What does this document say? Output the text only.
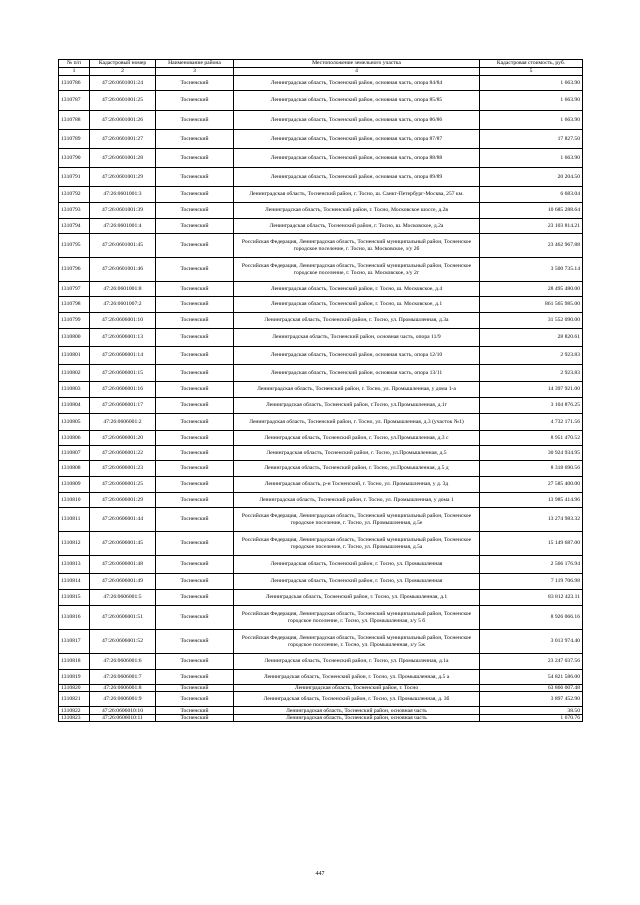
№ п/п	Кадастровый номер	Наименование района	Местоположение земельного участка	Кадастровая стоимость, руб.
1	2	3	4	5
1310786	47:26:0601001:24	Тосненский	Ленинградская область, Тосненский район, основная часть, опора 84/84	1 663.90
1310787	47:26:0601001:25	Тосненский	Ленинградская область, Тосненский район, основная часть, опора 85/85	1 663.90
1310788	47:26:0601001:26	Тосненский	Ленинградская область, Тосненский район, основная часть, опора 86/86	1 663.90
1310789	47:26:0601001:27	Тосненский	Ленинградская область, Тосненский район, основная часть, опора 87/87	17 827.50
1310790	47:26:0601001:28	Тосненский	Ленинградская область, Тосненский район, основная часть, опора 88/88	1 663.90
1310791	47:26:0601001:29	Тосненский	Ленинградская область, Тосненский район, основная часть, опора 89/89	20 204.50
1310792	47:26:0601001:3	Тосненский	Ленинградская область, Тосненский район, г. Тосно, ш. Санкт-Петербург-Москва, 257 км.	6 683.04
1310793	47:26:0601001:39	Тосненский	Ленинградская область, Тосненский район, г. Тосно, Московское шоссе, д.2в	10 685 288.64
1310794	47:26:0601001:4	Тосненский	Ленинградская область, Тосненский район, г. Тосно, ш. Московское, д.2а	23 103 814.21
1310795	47:26:0601001:45	Тосненский	Российская Федерация, Ленинградская область, Тосненский муниципальный район, Тосненское городское поселение, г. Тосно, ш. Московское, з/у 2б	23 462 967.88
1310796	47:26:0601001:46	Тосненский	Российская Федерация, Ленинградская область, Тосненский муниципальный район, Тосненское городское поселение, г. Тосно, ш. Московское, з/у 2г	3 500 735.14
1310797	47:26:0601001:8	Тосненский	Ленинградская область, Тосненский район, г. Тосно, ш. Московское, д.4	28 495 480.00
1310798	47:26:0601007:2	Тосненский	Ленинградская область, Тосненский район, г. Тосно, ш. Московское, д.1	861 565 985.00
1310799	47:26:0606001:10	Тосненский	Ленинградская область, Тосненский район, г. Тосно, ул. Промышленная, д.3а	31 552 090.00
1310800	47:26:0606001:13	Тосненский	Ленинградская область, Тосненский район, основная часть, опора 11/9	28 820.61
1310801	47:26:0606001:14	Тосненский	Ленинградская область, Тосненский район, основная часть, опора 12/10	2 923.83
1310802	47:26:0606001:15	Тосненский	Ленинградская область, Тосненский район, основная часть, опора 13/11	2 923.83
1310803	47:26:0606001:16	Тосненский	Ленинградская область, Тосненский район, г. Тосно, ул. Промышленная, у дома 1-а	14 397 921.00
1310804	47:26:0606001:17	Тосненский	Ленинградская область, Тосненский район, г.Тосно, ул.Промышленная, д.1г	3 104 876.25
1310805	47:26:0606001:2	Тосненский	Ленинградская область, Тосненский район, г. Тосно, ул. Промышленная, д.3 (участок №1)	4 732 171.56
1310806	47:26:0606001:20	Тосненский	Ленинградская область, Тосненский район, г. Тосно, ул.Промышленная, д.3 с	8 951 470.52
1310807	47:26:0606001:22	Тосненский	Ленинградская область, Тосненский район, г. Тосно, ул.Промышленная, д.5	30 924 934.95
1310808	47:26:0606001:23	Тосненский	Ленинградская область, Тосненский район, г. Тосно, ул.Промышленная, д.5 д	8 318 690.56
1310809	47:26:0606001:25	Тосненский	Ленинградская область, р-н Тосненский, г. Тосно, ул. Промышленная, у д. 3д	27 585 400.00
1310810	47:26:0606001:29	Тосненский	Ленинградская область, Тосненский район, г. Тосно, ул. Промышленная, у дома 1	13 985 414.96
1310811	47:26:0606001:44	Тосненский	Российская Федерация, Ленинградская область, Тосненский муниципальный район, Тосненское городское поселение, г. Тосно, ул. Промышленная, д.5е	13 274 983.32
1310812	47:26:0606001:45	Тосненский	Российская Федерация, Ленинградская область, Тосненский муниципальный район, Тосненское городское поселение, г. Тосно, ул. Промышленная, д.5а	15 149 687.00
1310813	47:26:0606001:48	Тосненский	Ленинградская область, Тосненский район, г. Тосно, ул. Промышленная	2 566 176.94
1310814	47:26:0606001:49	Тосненский	Ленинградская область, Тосненский район, г. Тосно, ул. Промышленная	7 119 706.98
1310815	47:26:0606001:5	Тосненский	Ленинградская область, Тосненский район, г. Тосно, ул. Промышленная, д.1	83 812 423.11
1310816	47:26:0606001:51	Тосненский	Российская Федерация, Ленинградская область, Тосненский муниципальный район, Тосненское городское поселение, г. Тосно, ул. Промышленная, з/у 5 б	8 926 066.16
1310817	47:26:0606001:52	Тосненский	Российская Федерация, Ленинградская область, Тосненский муниципальный район, Тосненское городское поселение, г. Тосно, ул. Промышленная, з/у 5ж	3 013 974.40
1310818	47:26:0606001:6	Тосненский	Ленинградская область, Тосненский район, г. Тосно, ул. Промышленная, д.1а	23 247 037.56
1310819	47:26:0606001:7	Тосненский	Ленинградская область, Тосненский район, г. Тосно, ул. Промышленная, д.5 а	54 821 586.00
1310820	47:26:0606001:8	Тосненский	Ленинградская область, Тосненский район, г. Тосно	63 866 007.48
1310821	47:26:0606001:9	Тосненский	Ленинградская область, Тосненский район, г. Тосно, ул. Промышленная, д. 3б	3 897 452.90
1310822	47:26:0606010:10	Тосненский	Ленинградская область, Тосненский район, основная часть	38.50
1310823	47:26:0606010:11	Тосненский	Ленинградская область, Тосненский район, основная часть	1 670.76
447
